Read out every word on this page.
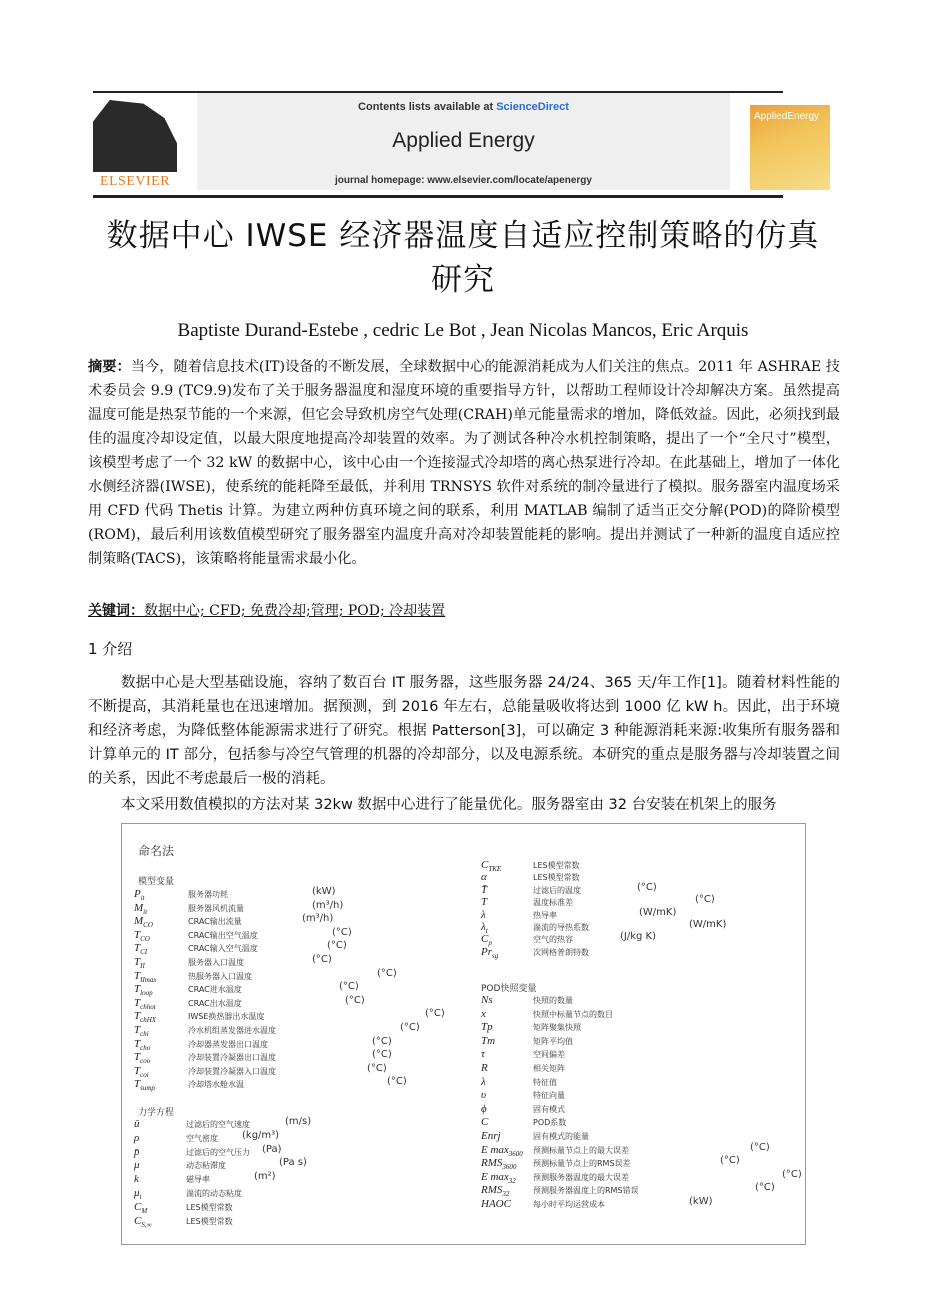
ELSEVIER
Contents lists available at ScienceDirect
Applied Energy
journal homepage: www.elsevier.com/locate/apenergy
AppliedEnergy
数据中心 IWSE 经济器温度自适应控制策略的仿真
研究
Baptiste Durand-Estebe , cedric Le Bot , Jean Nicolas Mancos, Eric Arquis
摘要：当今，随着信息技术(IT)设备的不断发展，全球数据中心的能源消耗成为人们关注的焦点。2011 年 ASHRAE 技术委员会 9.9 (TC9.9)发布了关于服务器温度和湿度环境的重要指导方针，以帮助工程师设计冷却解决方案。虽然提高温度可能是热泵节能的一个来源，但它会导致机房空气处理(CRAH)单元能量需求的增加，降低效益。因此，必须找到最佳的温度冷却设定值，以最大限度地提高冷却装置的效率。为了测试各种冷水机控制策略，提出了一个“全尺寸”模型，该模型考虑了一个 32 kW 的数据中心，该中心由一个连接湿式冷却塔的离心热泵进行冷却。在此基础上，增加了一体化水侧经济器(IWSE)，使系统的能耗降至最低，并利用 TRNSYS 软件对系统的制冷量进行了模拟。服务器室内温度场采用 CFD 代码 Thetis 计算。为建立两种仿真环境之间的联系，利用 MATLAB 编制了适当正交分解(POD)的降阶模型(ROM)，最后利用该数值模型研究了服务器室内温度升高对冷却装置能耗的影响。提出并测试了一种新的温度自适应控制策略(TACS)，该策略将能量需求最小化。
关键词：数据中心; CFD; 免费冷却;管理; POD; 冷却装置
1 介绍
数据中心是大型基础设施，容纳了数百台 IT 服务器，这些服务器 24/24、365 天/年工作[1]。随着材料性能的不断提高，其消耗量也在迅速增加。据预测，到 2016 年左右，总能量吸收将达到 1000 亿 kW h。因此，出于环境和经济考虑，为降低整体能源需求进行了研究。根据 Patterson[3]，可以确定 3 种能源消耗来源:收集所有服务器和计算单元的 IT 部分，包括参与冷空气管理的机器的冷却部分，以及电源系统。本研究的重点是服务器与冷却装置之间的关系，因此不考虑最后一极的消耗。
本文采用数值模拟的方法对某 32kw 数据中心进行了能量优化。服务器室由 32 台安装在机架上的服务
命名法
模型变量
力学方程
POD快照变量
$P_{it}$	服务器功耗	(kW)
$M_{it}$	服务器风机流量	(m³/h)
$M_{CO}$	CRAC输出流量	(m³/h)
$T_{CO}$	CRAC输出空气温度	(°C)
$T_{CI}$	CRAC输入空气温度	(°C)
$T_{II}$	服务器入口温度	(°C)
$T_{IImax}$	热服务器入口温度	(°C)
$T_{loop}$	CRAC进水温度	(°C)
$T_{chhot}$	CRAC出水温度	(°C)
$T_{chHX}$	IWSE换热器出水温度	(°C)
$T_{chi}$	冷水机组蒸发器进水温度	(°C)
$T_{cho}$	冷却器蒸发器出口温度	(°C)
$T_{coo}$	冷却装置冷凝器出口温度	(°C)
$T_{coi}$	冷却装置冷凝器入口温度	(°C)
$T_{sump}$	冷却塔水舱水温	(°C)
ū	过滤后的空气速度	(m/s)
ρ	空气密度 (kg/m³)
p̄	过滤后的空气压力 (Pa)
μ	动态粘滞度	(Pa s)
k	磁导率	(m²)
$\mu_t$	湍流的动态粘度
$C_M$	LES模型常数
$C_{S,\infty}$	LES模型常数
$C_{TKE}$	LES模型常数
α	LES模型常数
T̄	过滤后的温度	(°C)
T	温度标准差	(°C)
λ	热导率	(W/mK)
$\lambda_t$	湍流的导热系数	(W/mK)
$C_p$	空气的热容	(J/kg K)
$Pr_{sg}$	次网格普朗特数
Ns	快照的数量
x	快照中标量节点的数目
Tp	矩阵聚集快照
Tm	矩阵平均值
τ	空间偏差
R	相关矩阵
λ	特征值
υ	特征向量
ϕ	固有模式
C	POD系数
Enrj	固有模式的能量
E $\max_{3600}$ 预测标量节点上的最大误差	(°C)
$RMS_{3600}$ 预测标量节点上的RMS误差	(°C)
E $\max_{32}$ 预测服务器温度的最大误差	(°C)
$RMS_{32}$	预测服务器温度上的RMS错误	(°C)
HAOC	每小时平均运营成本	(kW)
